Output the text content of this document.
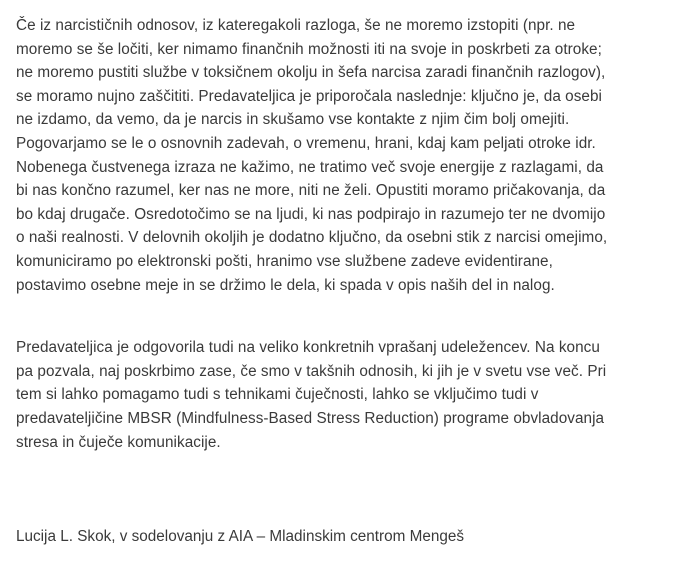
Če iz narcističnih odnosov, iz kateregakoli razloga, še ne moremo izstopiti (npr. ne
moremo se še ločiti, ker nimamo finančnih možnosti iti na svoje in poskrbeti za otroke;
ne moremo pustiti službe v toksičnem okolju in šefa narcisa zaradi finančnih razlogov),
se moramo nujno zaščititi. Predavateljica je priporočala naslednje: ključno je, da osebi
ne izdamo, da vemo, da je narcis in skušamo vse kontakte z njim čim bolj omejiti.
Pogovarjamo se le o osnovnih zadevah, o vremenu, hrani, kdaj kam peljati otroke idr.
Nobenega čustvenega izraza ne kažimo, ne tratimo več svoje energije z razlagami, da
bi nas končno razumel, ker nas ne more, niti ne želi. Opustiti moramo pričakovanja, da
bo kdaj drugače. Osredotočimo se na ljudi, ki nas podpirajo in razumejo ter ne dvomijo
o naši realnosti. V delovnih okoljih je dodatno ključno, da osebni stik z narcisi omejimo,
komuniciramo po elektronski pošti, hranimo vse službene zadeve evidentirane,
postavimo osebne meje in se držimo le dela, ki spada v opis naših del in nalog.

Predavateljica je odgovorila tudi na veliko konkretnih vprašanj udeležencev. Na koncu
pa pozvala, naj poskrbimo zase, če smo v takšnih odnosih, ki jih je v svetu vse več. Pri
tem si lahko pomagamo tudi s tehnikami čuječnosti, lahko se vključimo tudi v
predavateljičine MBSR (Mindfulness-Based Stress Reduction) programe obvladovanja
stresa in čuječe komunikacije.

Lucija L. Skok, v sodelovanju z AIA – Mladinskim centrom Mengeš
